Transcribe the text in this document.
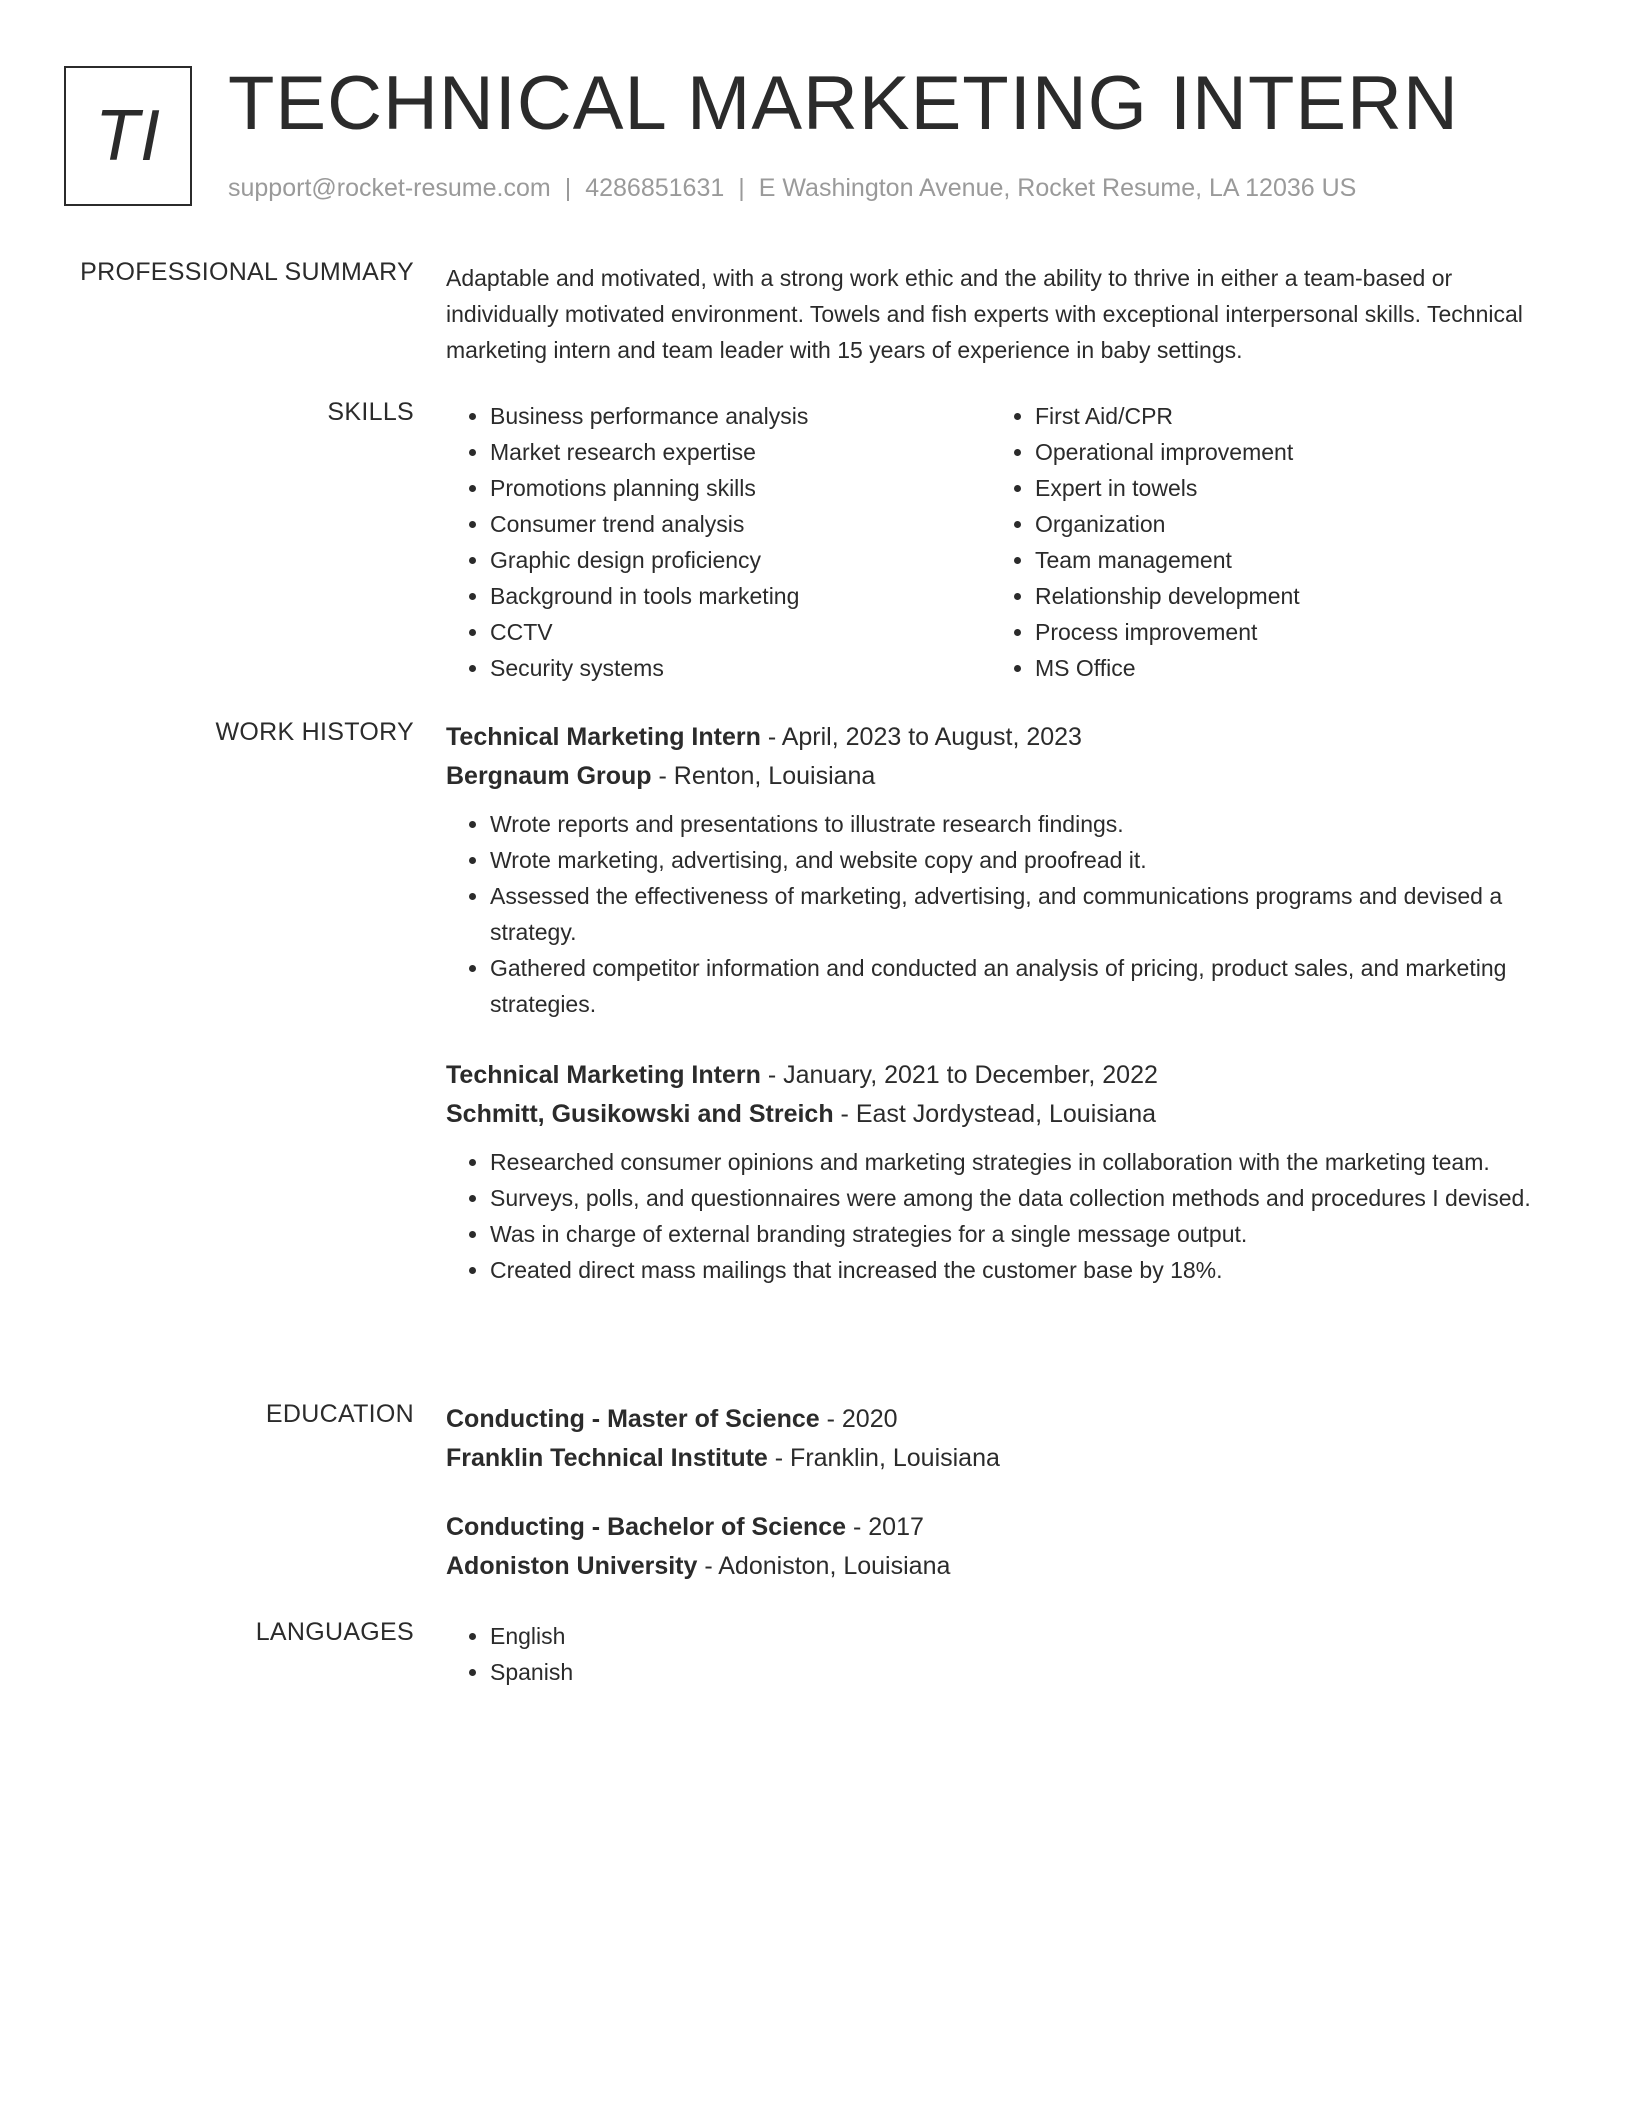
TI TECHNICAL MARKETING INTERN
support@rocket-resume.com | 4286851631 | E Washington Avenue, Rocket Resume, LA 12036 US
PROFESSIONAL SUMMARY Adaptable and motivated, with a strong work ethic and the ability to thrive in either a team-based or individually motivated environment. Towels and fish experts with exceptional interpersonal skills. Technical marketing intern and team leader with 15 years of experience in baby settings.

SKILLS	• Business performance analysis
• Market research expertise
• Promotions planning skills
• Consumer trend analysis
• Graphic design proficiency
• Background in tools marketing
• CCTV
• Security systems
• First Aid/CPR
• Operational improvement
• Expert in towels
• Organization
• Team management
• Relationship development
• Process improvement
• MS Office
WORK HISTORY Technical Marketing Intern - April, 2023 to August, 2023
Bergnaum Group - Renton, Louisiana
• Wrote reports and presentations to illustrate research findings.
• Wrote marketing, advertising, and website copy and proofread it.
• Assessed the effectiveness of marketing, advertising, and communications programs and devised a strategy.
• Gathered competitor information and conducted an analysis of pricing, product sales, and marketing strategies.
Technical Marketing Intern - January, 2021 to December, 2022
Schmitt, Gusikowski and Streich - East Jordystead, Louisiana
• Researched consumer opinions and marketing strategies in collaboration with the marketing team.
• Surveys, polls, and questionnaires were among the data collection methods and procedures I devised.
• Was in charge of external branding strategies for a single message output.
• Created direct mass mailings that increased the customer base by 18%.
EDUCATION Conducting - Master of Science - 2020
Franklin Technical Institute - Franklin, Louisiana
Conducting - Bachelor of Science - 2017
Adoniston University - Adoniston, Louisiana
LANGUAGES	• English
• Spanish
